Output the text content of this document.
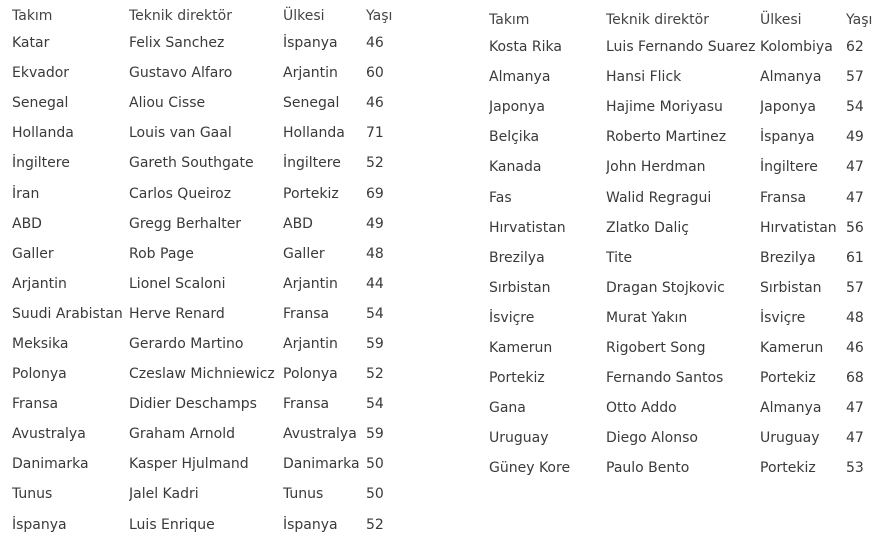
Takım	Teknik direktör	Ülkesi	Yaşı
Katar	Felix Sanchez	İspanya	46
Ekvador	Gustavo Alfaro	Arjantin	60
Senegal	Aliou Cisse	Senegal	46
Hollanda	Louis van Gaal	Hollanda	71
İngiltere	Gareth Southgate	İngiltere	52
İran	Carlos Queiroz	Portekiz	69
ABD	Gregg Berhalter	ABD	49
Galler	Rob Page	Galler	48
Arjantin	Lionel Scaloni	Arjantin	44
Suudi Arabistan	Herve Renard	Fransa	54
Meksika	Gerardo Martino	Arjantin	59
Polonya	Czeslaw Michniewicz	Polonya	52
Fransa	Didier Deschamps	Fransa	54
Avustralya	Graham Arnold	Avustralya	59
Danimarka	Kasper Hjulmand	Danimarka	50
Tunus	Jalel Kadri	Tunus	50
İspanya	Luis Enrique	İspanya	52
Takım	Teknik direktör	Ülkesi	Yaşı
Kosta Rika	Luis Fernando Suarez	Kolombiya	62
Almanya	Hansi Flick	Almanya	57
Japonya	Hajime Moriyasu	Japonya	54
Belçika	Roberto Martinez	İspanya	49
Kanada	John Herdman	İngiltere	47
Fas	Walid Regragui	Fransa	47
Hırvatistan	Zlatko Daliç	Hırvatistan	56
Brezilya	Tite	Brezilya	61
Sırbistan	Dragan Stojkovic	Sırbistan	57
İsviçre	Murat Yakın	İsviçre	48
Kamerun	Rigobert Song	Kamerun	46
Portekiz	Fernando Santos	Portekiz	68
Gana	Otto Addo	Almanya	47
Uruguay	Diego Alonso	Uruguay	47
Güney Kore	Paulo Bento	Portekiz	53
